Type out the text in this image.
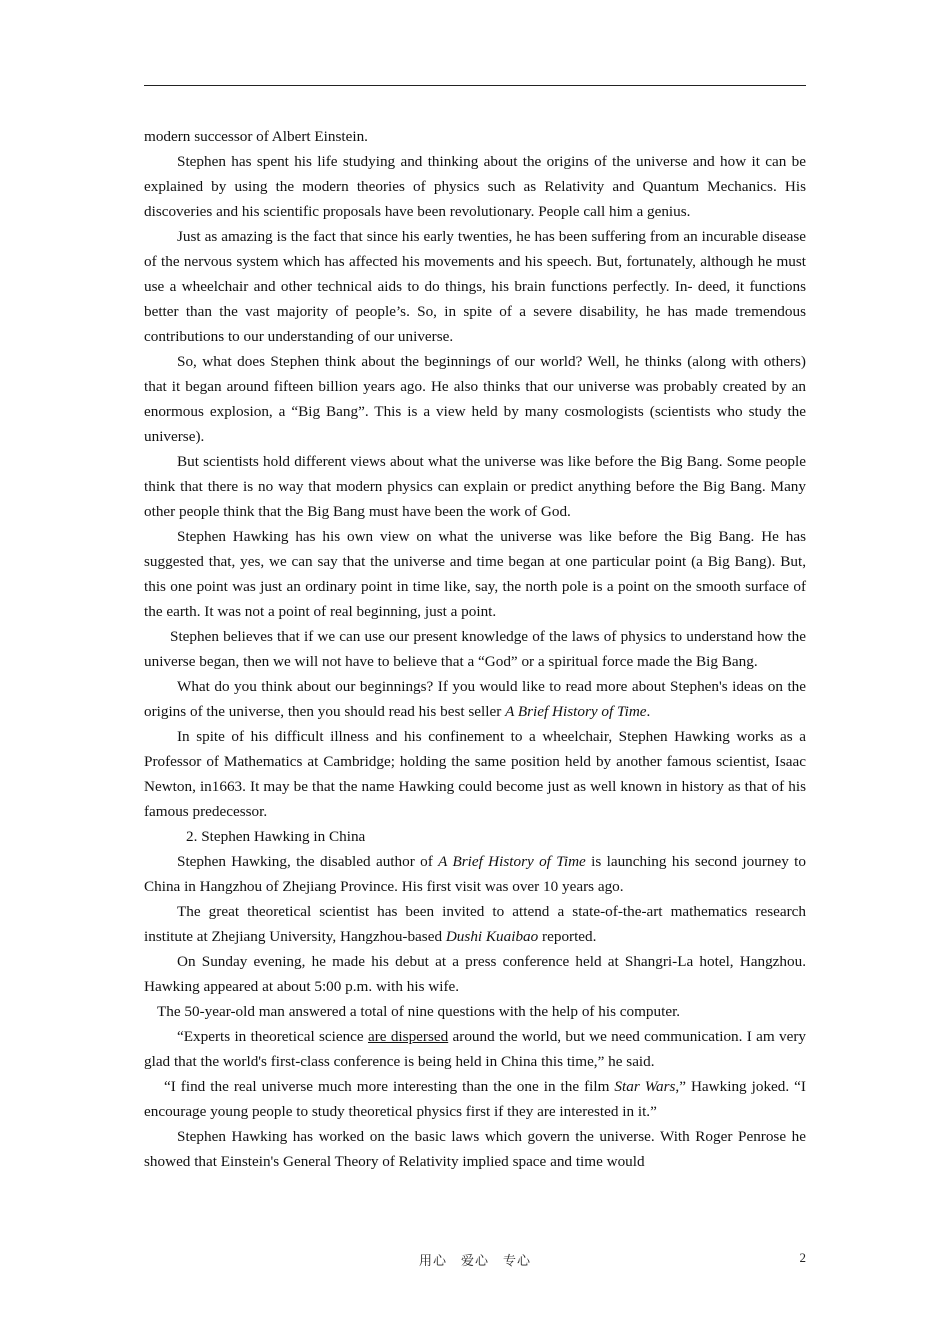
modern successor of Albert Einstein.

Stephen has spent his life studying and thinking about the origins of the universe and how it can be explained by using the modern theories of physics such as Relativity and Quantum Mechanics. His discoveries and his scientific proposals have been revolutionary. People call him a genius.

Just as amazing is the fact that since his early twenties, he has been suffering from an incurable disease of the nervous system which has affected his movements and his speech. But, fortunately, although he must use a wheelchair and other technical aids to do things, his brain functions perfectly. In- deed, it functions better than the vast majority of people’s. So, in spite of a severe disability, he has made tremendous contributions to our understanding of our universe.

So, what does Stephen think about the beginnings of our world? Well, he thinks (along with others) that it began around fifteen billion years ago. He also thinks that our universe was probably created by an enormous explosion, a “Big Bang”. This is a view held by many cosmologists (scientists who study the universe).

But scientists hold different views about what the universe was like before the Big Bang. Some people think that there is no way that modern physics can explain or predict anything before the Big Bang. Many other people think that the Big Bang must have been the work of God.

Stephen Hawking has his own view on what the universe was like before the Big Bang. He has suggested that, yes, we can say that the universe and time began at one particular point (a Big Bang). But, this one point was just an ordinary point in time like, say, the north pole is a point on the smooth surface of the earth. It was not a point of real beginning, just a point.

Stephen believes that if we can use our present knowledge of the laws of physics to understand how the universe began, then we will not have to believe that a “God” or a spiritual force made the Big Bang.

What do you think about our beginnings? If you would like to read more about Stephen's ideas on the origins of the universe, then you should read his best seller A Brief History of Time.

In spite of his difficult illness and his confinement to a wheelchair, Stephen Hawking works as a Professor of Mathematics at Cambridge; holding the same position held by another famous scientist, Isaac Newton, in1663. It may be that the name Hawking could become just as well known in history as that of his famous predecessor.

2. Stephen Hawking in China

Stephen Hawking, the disabled author of A Brief History of Time is launching his second journey to China in Hangzhou of Zhejiang Province. His first visit was over 10 years ago.

The great theoretical scientist has been invited to attend a state-of-the-art mathematics research institute at Zhejiang University, Hangzhou-based Dushi Kuaibao reported.

On Sunday evening, he made his debut at a press conference held at Shangri-La hotel, Hangzhou. Hawking appeared at about 5:00 p.m. with his wife.

The 50-year-old man answered a total of nine questions with the help of his computer.

“Experts in theoretical science are dispersed around the world, but we need communication. I am very glad that the world's first-class conference is being held in China this time,” he said.

“I find the real universe much more interesting than the one in the film Star Wars,” Hawking joked. “I encourage young people to study theoretical physics first if they are interested in it.”

Stephen Hawking has worked on the basic laws which govern the universe. With Roger Penrose he showed that Einstein's General Theory of Relativity implied space and time would

用心　爱心　专心	2
